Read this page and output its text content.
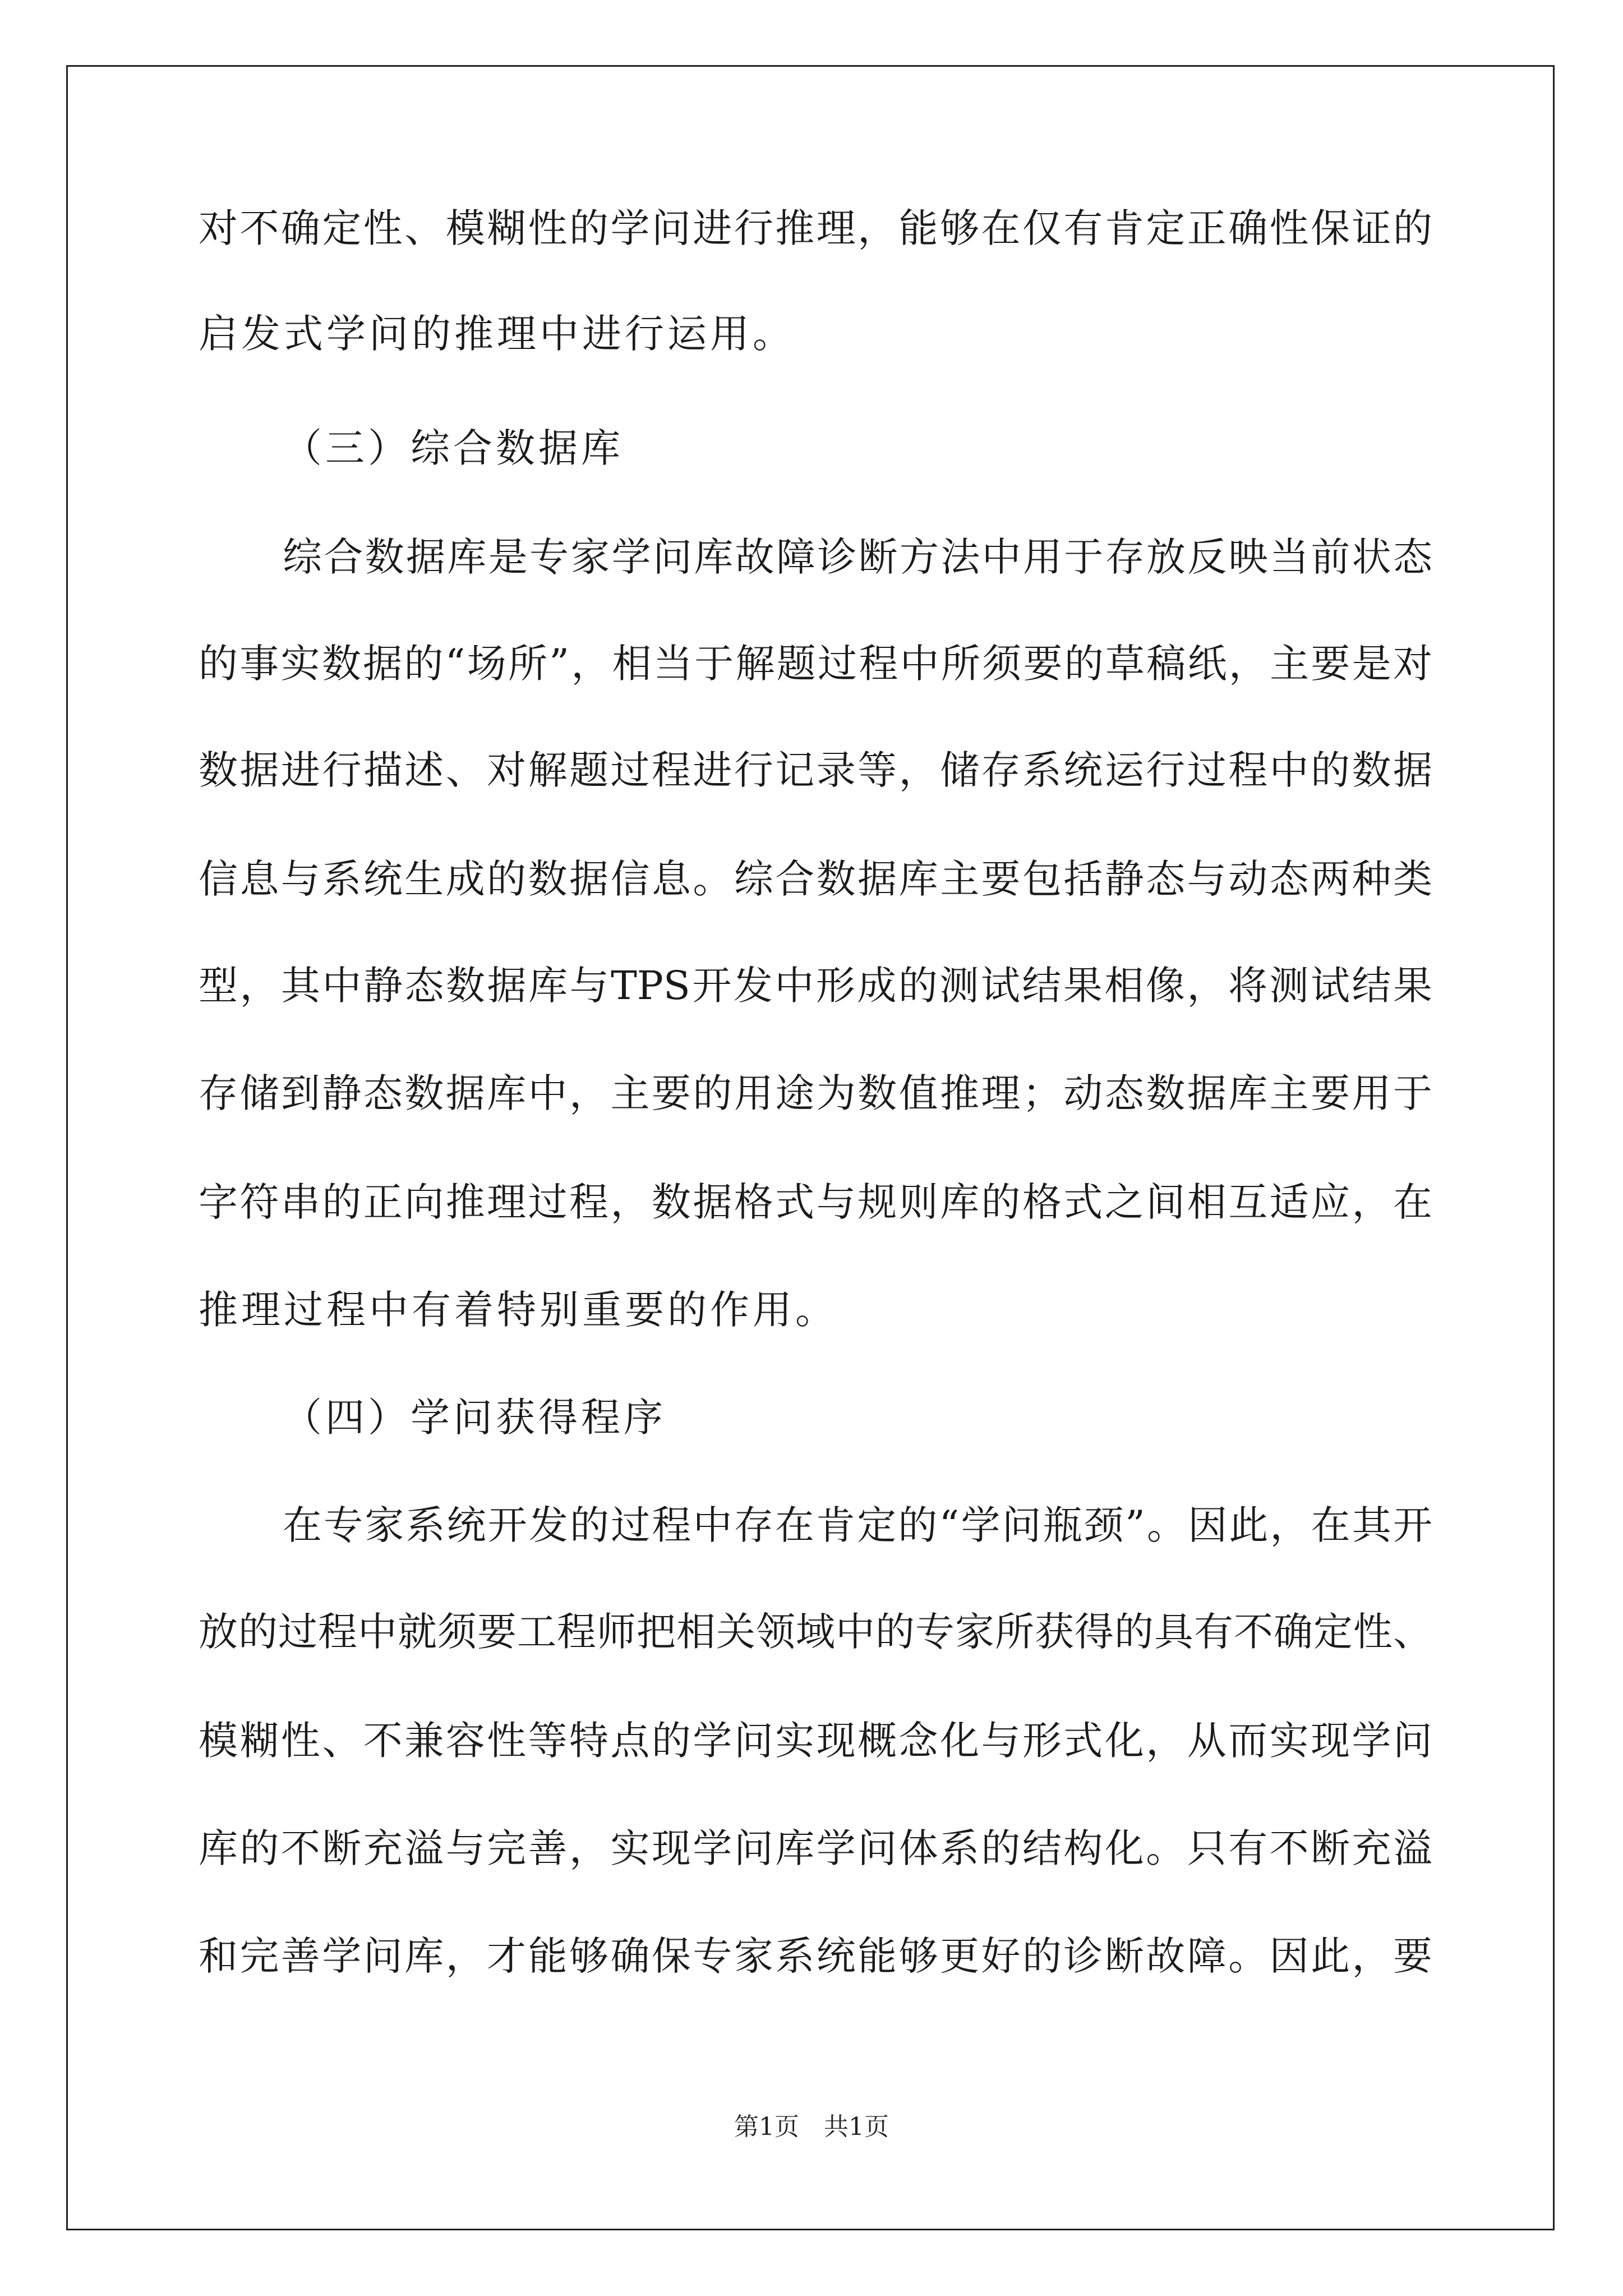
对不确定性、模糊性的学问进行推理，能够在仅有肯定正确性保证的
启发式学问的推理中进行运用。
（三）综合数据库
综合数据库是专家学问库故障诊断方法中用于存放反映当前状态
的事实数据的“场所”，相当于解题过程中所须要的草稿纸，主要是对
数据进行描述、对解题过程进行记录等，储存系统运行过程中的数据
信息与系统生成的数据信息。综合数据库主要包括静态与动态两种类
型，其中静态数据库与TPS开发中形成的测试结果相像，将测试结果
存储到静态数据库中，主要的用途为数值推理；动态数据库主要用于
字符串的正向推理过程，数据格式与规则库的格式之间相互适应，在
推理过程中有着特别重要的作用。
（四）学问获得程序
在专家系统开发的过程中存在肯定的“学问瓶颈”。因此，在其开
放的过程中就须要工程师把相关领域中的专家所获得的具有不确定性、
模糊性、不兼容性等特点的学问实现概念化与形式化，从而实现学问
库的不断充溢与完善，实现学问库学问体系的结构化。只有不断充溢
和完善学问库，才能够确保专家系统能够更好的诊断故障。因此，要
第1页　共1页
